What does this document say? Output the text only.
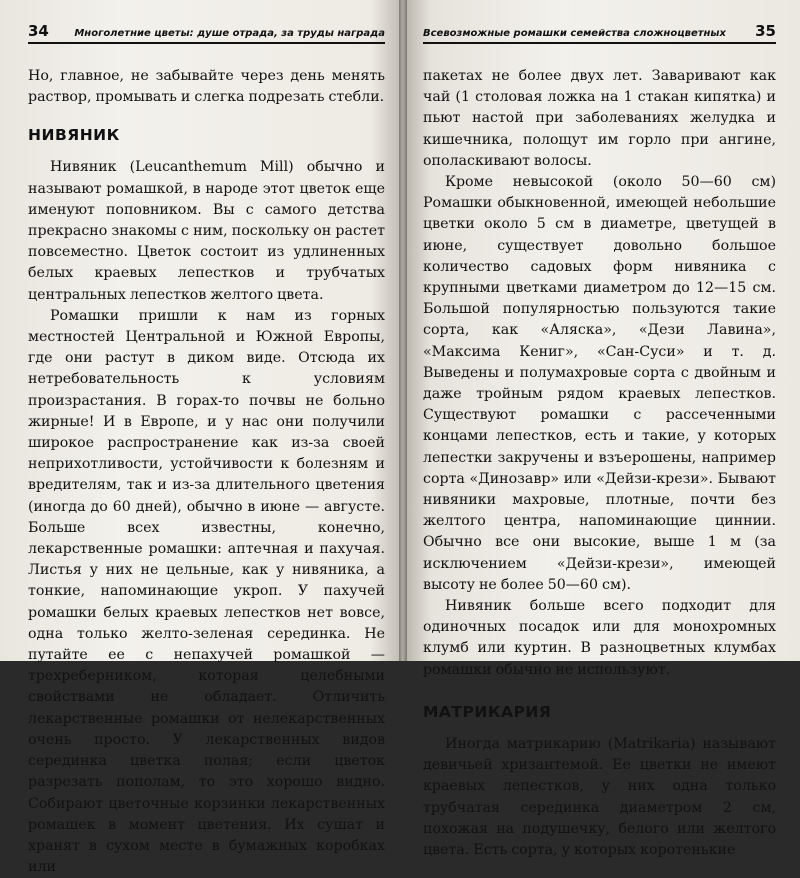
34	Многолетние цветы: душе отрада, за труды награда

Но, главное, не забывайте через день менять раствор, промывать и слегка подрезать стебли.

НИВЯНИК

Нивяник (Leucanthemum Mill) обычно и называют ромашкой, в народе этот цветок еще именуют поповником. Вы с самого детства прекрасно знакомы с ним, поскольку он растет повсеместно. Цветок состоит из удлиненных белых краевых лепестков и трубчатых центральных лепестков желтого цвета.

Ромашки пришли к нам из горных местностей Центральной и Южной Европы, где они растут в диком виде. Отсюда их нетребовательность к условиям произрастания. В горах-то почвы не больно жирные! И в Европе, и у нас они получили широкое распространение как из-за своей неприхотливости, устойчивости к болезням и вредителям, так и из-за длительного цветения (иногда до 60 дней), обычно в июне — августе. Больше всех известны, конечно, лекарственные ромашки: аптечная и пахучая. Листья у них не цельные, как у нивяника, а тонкие, напоминающие укроп. У пахучей ромашки белых краевых лепестков нет вовсе, одна только желто-зеленая серединка. Не путайте ее с непахучей ромашкой — трехреберником, которая целебными свойствами не обладает. Отличить лекарственные ромашки от нелекарственных очень просто. У лекарственных видов серединка цветка полая; если цветок разрезать пополам, то это хорошо видно. Собирают цветочные корзинки лекарственных ромашек в момент цветения. Их сушат и хранят в сухом месте в бумажных коробках или

Всевозможные ромашки семейства сложноцветных 35

пакетах не более двух лет. Заваривают как чай (1 столовая ложка на 1 стакан кипятка) и пьют настой при заболеваниях желудка и кишечника, полощут им горло при ангине, ополаскивают волосы.

Кроме невысокой (около 50—60 см) Ромашки обыкновенной, имеющей небольшие цветки около 5 см в диаметре, цветущей в июне, существует довольно большое количество садовых форм нивяника с крупными цветками диаметром до 12—15 см. Большой популярностью пользуются такие сорта, как «Аляска», «Дези Лавина», «Максима Кениг», «Сан-Суси» и т. д. Выведены и полумахровые сорта с двойным и даже тройным рядом краевых лепестков. Существуют ромашки с рассеченными концами лепестков, есть и такие, у которых лепестки закручены и взъерошены, например сорта «Динозавр» или «Дейзи-крези». Бывают нивяники махровые, плотные, почти без желтого центра, напоминающие циннии. Обычно все они высокие, выше 1 м (за исключением «Дейзи-крези», имеющей высоту не более 50—60 см).

Нивяник больше всего подходит для одиночных посадок или для монохромных клумб или куртин. В разноцветных клумбах ромашки обычно не используют.

МАТРИКАРИЯ

Иногда матрикарию (Matrikaria) называют девичьей хризантемой. Ее цветки не имеют краевых лепестков, у них одна только трубчатая серединка диаметром 2 см, похожая на подушечку, белого или желтого цвета. Есть сорта, у которых коротенькие
